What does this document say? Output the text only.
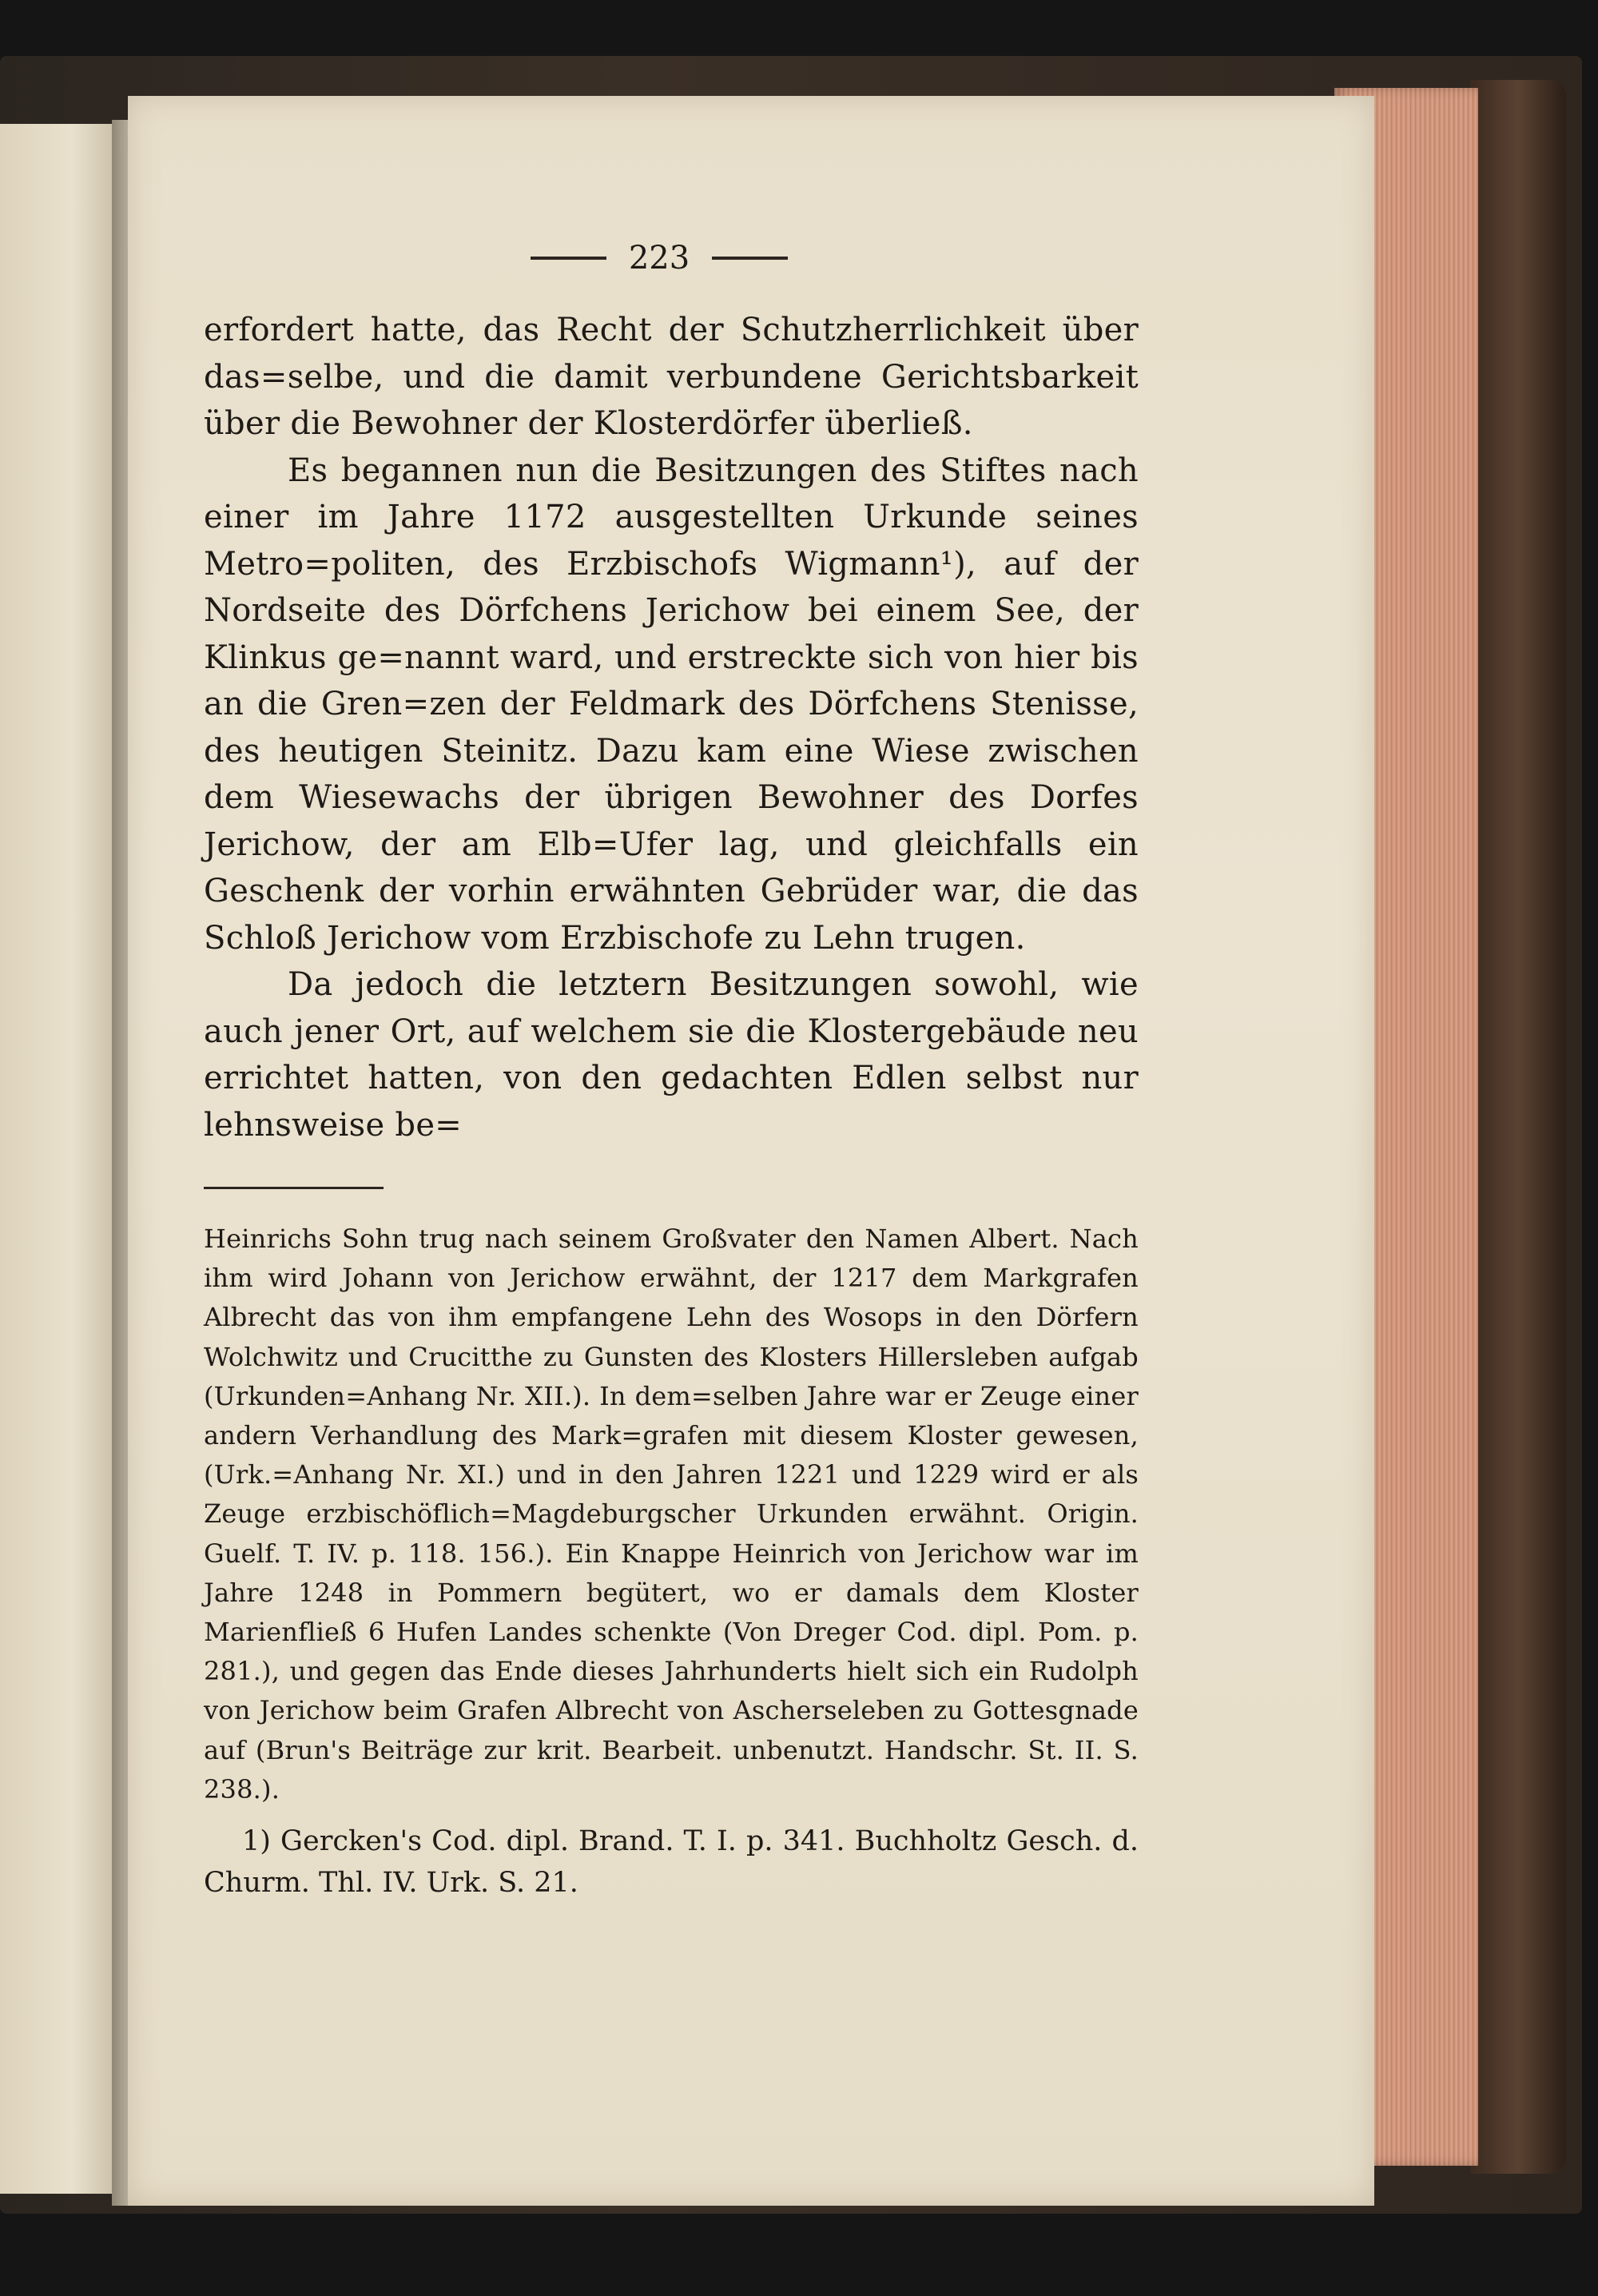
223

erfordert hatte, das Recht der Schutzherrlichkeit über das=selbe, und die damit verbundene Gerichtsbarkeit über die Bewohner der Klosterdörfer überließ.

Es begannen nun die Besitzungen des Stiftes nach einer im Jahre 1172 ausgestellten Urkunde seines Metro=politen, des Erzbischofs Wigmann¹), auf der Nordseite des Dörfchens Jerichow bei einem See, der Klinkus ge=nannt ward, und erstreckte sich von hier bis an die Gren=zen der Feldmark des Dörfchens Stenisse, des heutigen Steinitz. Dazu kam eine Wiese zwischen dem Wiesewachs der übrigen Bewohner des Dorfes Jerichow, der am Elb=Ufer lag, und gleichfalls ein Geschenk der vorhin erwähnten Gebrüder war, die das Schloß Jerichow vom Erzbischofe zu Lehn trugen.

Da jedoch die letztern Besitzungen sowohl, wie auch jener Ort, auf welchem sie die Klostergebäude neu errichtet hatten, von den gedachten Edlen selbst nur lehnsweise be=

Heinrichs Sohn trug nach seinem Großvater den Namen Albert. Nach ihm wird Johann von Jerichow erwähnt, der 1217 dem Markgrafen Albrecht das von ihm empfangene Lehn des Wosops in den Dörfern Wolchwitz und Crucitthe zu Gunsten des Klosters Hillersleben aufgab (Urkunden=Anhang Nr. XII.). In dem=selben Jahre war er Zeuge einer andern Verhandlung des Mark=grafen mit diesem Kloster gewesen, (Urk.=Anhang Nr. XI.) und in den Jahren 1221 und 1229 wird er als Zeuge erzbischöflich=Magdeburgscher Urkunden erwähnt. Origin. Guelf. T. IV. p. 118. 156.). Ein Knappe Heinrich von Jerichow war im Jahre 1248 in Pommern begütert, wo er damals dem Kloster Marienfließ 6 Hufen Landes schenkte (Von Dreger Cod. dipl. Pom. p. 281.), und gegen das Ende dieses Jahrhunderts hielt sich ein Rudolph von Jerichow beim Grafen Albrecht von Ascherseleben zu Gottesgnade auf (Brun's Beiträge zur krit. Bearbeit. unbenutzt. Handschr. St. II. S. 238.).

1) Gercken's Cod. dipl. Brand. T. I. p. 341. Buchholtz Gesch. d. Churm. Thl. IV. Urk. S. 21.
